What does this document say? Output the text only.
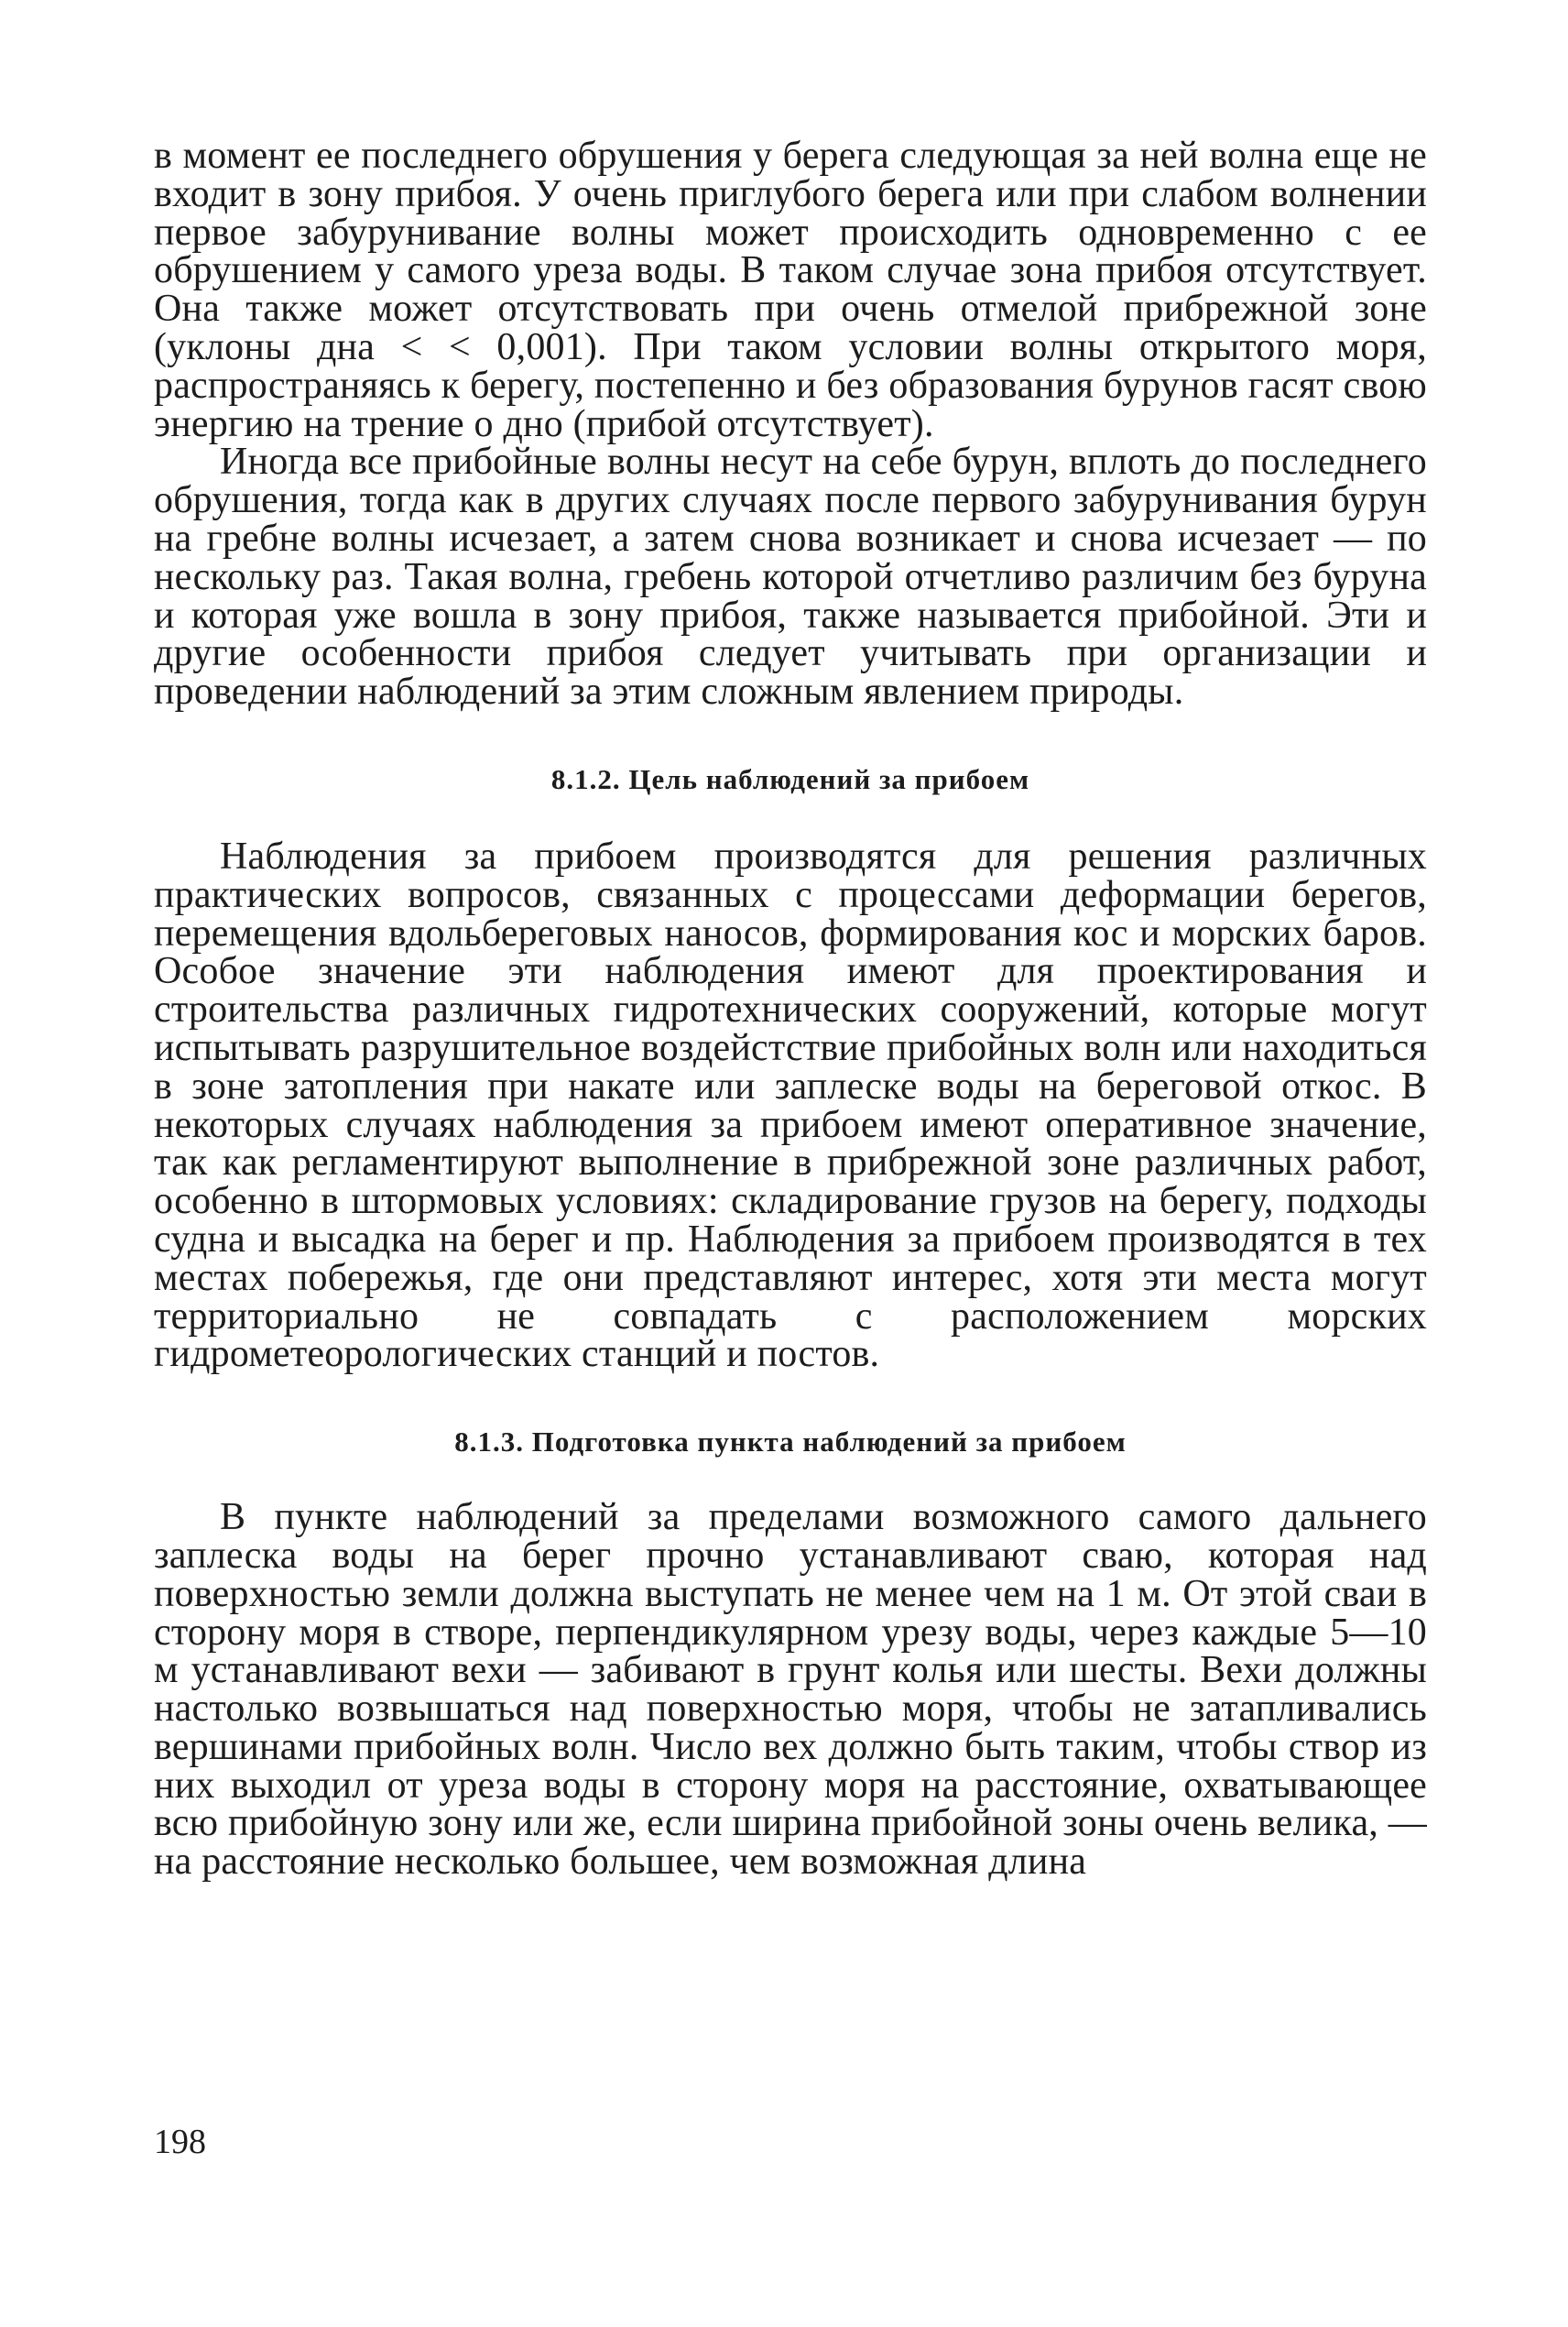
в момент ее последнего обрушения у берега следующая за ней волна еще не входит в зону прибоя. У очень приглубого берега или при слабом волнении первое забурунивание волны может происходить одновременно с ее обрушением у самого уреза воды. В таком случае зона прибоя отсутствует. Она также может отсутствовать при очень отмелой прибрежной зоне (уклоны дна < < 0,001). При таком условии волны открытого моря, распространяясь к берегу, постепенно и без образования бурунов гасят свою энергию на трение о дно (прибой отсутствует).

Иногда все прибойные волны несут на себе бурун, вплоть до последнего обрушения, тогда как в других случаях после первого забурунивания бурун на гребне волны исчезает, а затем снова возникает и снова исчезает — по нескольку раз. Такая волна, гребень которой отчетливо различим без буруна и которая уже вошла в зону прибоя, также называется прибойной. Эти и другие особенности прибоя следует учитывать при организации и проведении наблюдений за этим сложным явлением природы.

8.1.2. Цель наблюдений за прибоем

Наблюдения за прибоем производятся для решения различных практических вопросов, связанных с процессами деформации берегов, перемещения вдольбереговых наносов, формирования кос и морских баров. Особое значение эти наблюдения имеют для проектирования и строительства различных гидротехнических сооружений, которые могут испытывать разрушительное воздейстствие прибойных волн или находиться в зоне затопления при накате или заплеске воды на береговой откос. В некоторых случаях наблюдения за прибоем имеют оперативное значение, так как регламентируют выполнение в прибрежной зоне различных работ, особенно в штормовых условиях: складирование грузов на берегу, подходы судна и высадка на берег и пр. Наблюдения за прибоем производятся в тех местах побережья, где они представляют интерес, хотя эти места могут территориально не совпадать с расположением морских гидрометеорологических станций и постов.

8.1.3. Подготовка пункта наблюдений за прибоем

В пункте наблюдений за пределами возможного самого дальнего заплеска воды на берег прочно устанавливают сваю, которая над поверхностью земли должна выступать не менее чем на 1 м. От этой сваи в сторону моря в створе, перпендикулярном урезу воды, через каждые 5—10 м устанавливают вехи — забивают в грунт колья или шесты. Вехи должны настолько возвышаться над поверхностью моря, чтобы не затапливались вершинами прибойных волн. Число вех должно быть таким, чтобы створ из них выходил от уреза воды в сторону моря на расстояние, охватывающее всю прибойную зону или же, если ширина прибойной зоны очень велика, — на расстояние несколько большее, чем возможная длина

198
